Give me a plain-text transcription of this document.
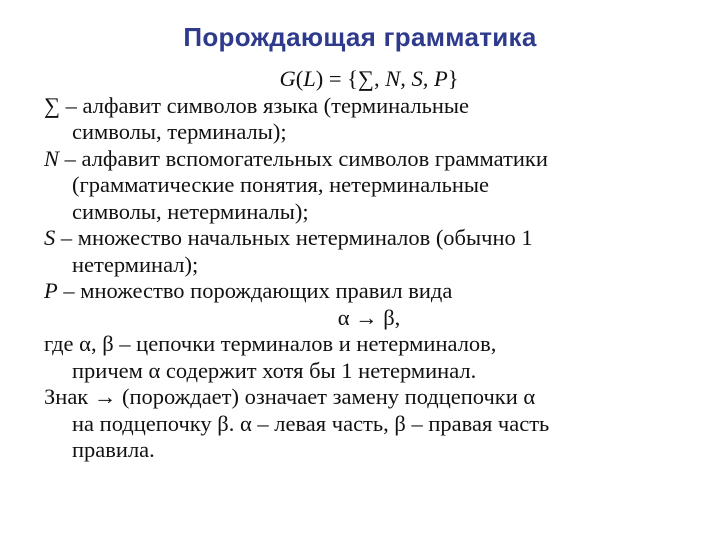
Порождающая грамматика
G(L) = {∑, N, S, P}
∑ – алфавит символов языка (терминальные
символы, терминалы);
N – алфавит вспомогательных символов грамматики
(грамматические понятия, нетерминальные
символы, нетерминалы);
S – множество начальных нетерминалов (обычно 1
нетерминал);
P – множество порождающих правил вида
α → β,
где α, β – цепочки терминалов и нетерминалов,
причем α содержит хотя бы 1 нетерминал.
Знак → (порождает) означает замену подцепочки α
на подцепочку β. α – левая часть, β – правая часть
правила.
